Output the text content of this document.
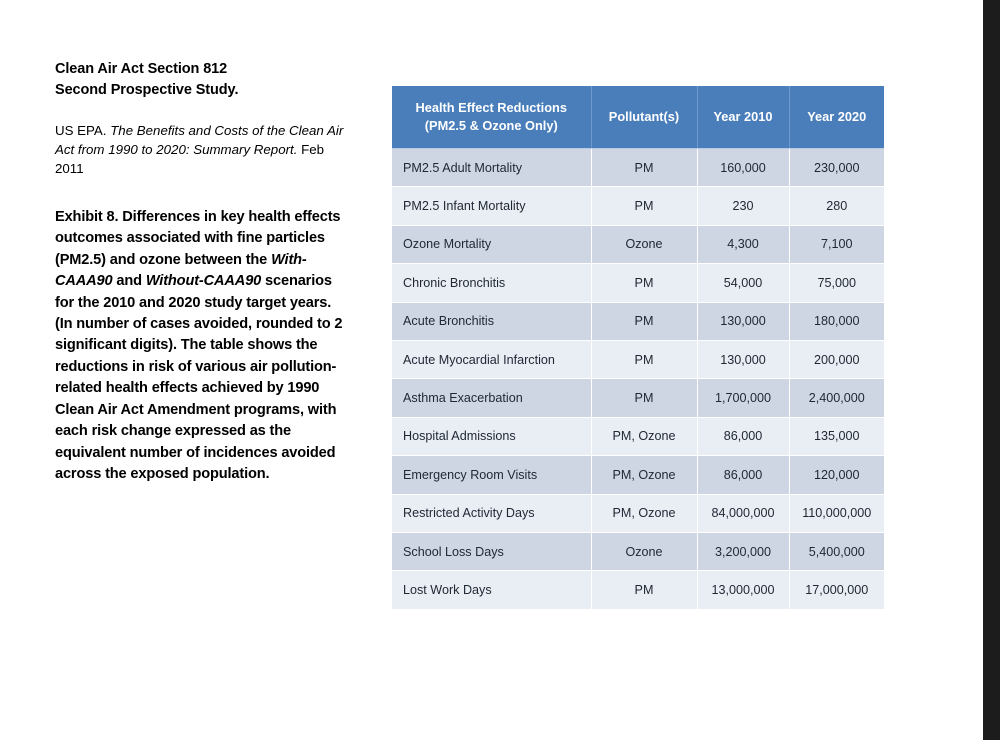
Clean Air Act Section 812
Second Prospective Study.

US EPA. The Benefits and Costs of the Clean Air Act from 1990 to 2020: Summary Report. Feb 2011

Exhibit 8. Differences in key health effects outcomes associated with fine particles (PM2.5) and ozone between the With-CAAA90 and Without-CAAA90 scenarios for the 2010 and 2020 study target years. (In number of cases avoided, rounded to 2 significant digits). The table shows the reductions in risk of various air pollution-related health effects achieved by 1990 Clean Air Act Amendment programs, with each risk change expressed as the equivalent number of incidences avoided across the exposed population.

Health Effect Reductions
(PM2.5 & Ozone Only)	Pollutant(s)	Year 2010	Year 2020
PM2.5 Adult Mortality	PM	160,000	230,000
PM2.5 Infant Mortality	PM	230	280
Ozone Mortality	Ozone	4,300	7,100
Chronic Bronchitis	PM	54,000	75,000
Acute Bronchitis	PM	130,000	180,000
Acute Myocardial Infarction	PM	130,000	200,000
Asthma Exacerbation	PM	1,700,000	2,400,000
Hospital Admissions	PM, Ozone	86,000	135,000
Emergency Room Visits	PM, Ozone	86,000	120,000
Restricted Activity Days	PM, Ozone	84,000,000	110,000,000
School Loss Days	Ozone	3,200,000	5,400,000
Lost Work Days	PM	13,000,000	17,000,000
